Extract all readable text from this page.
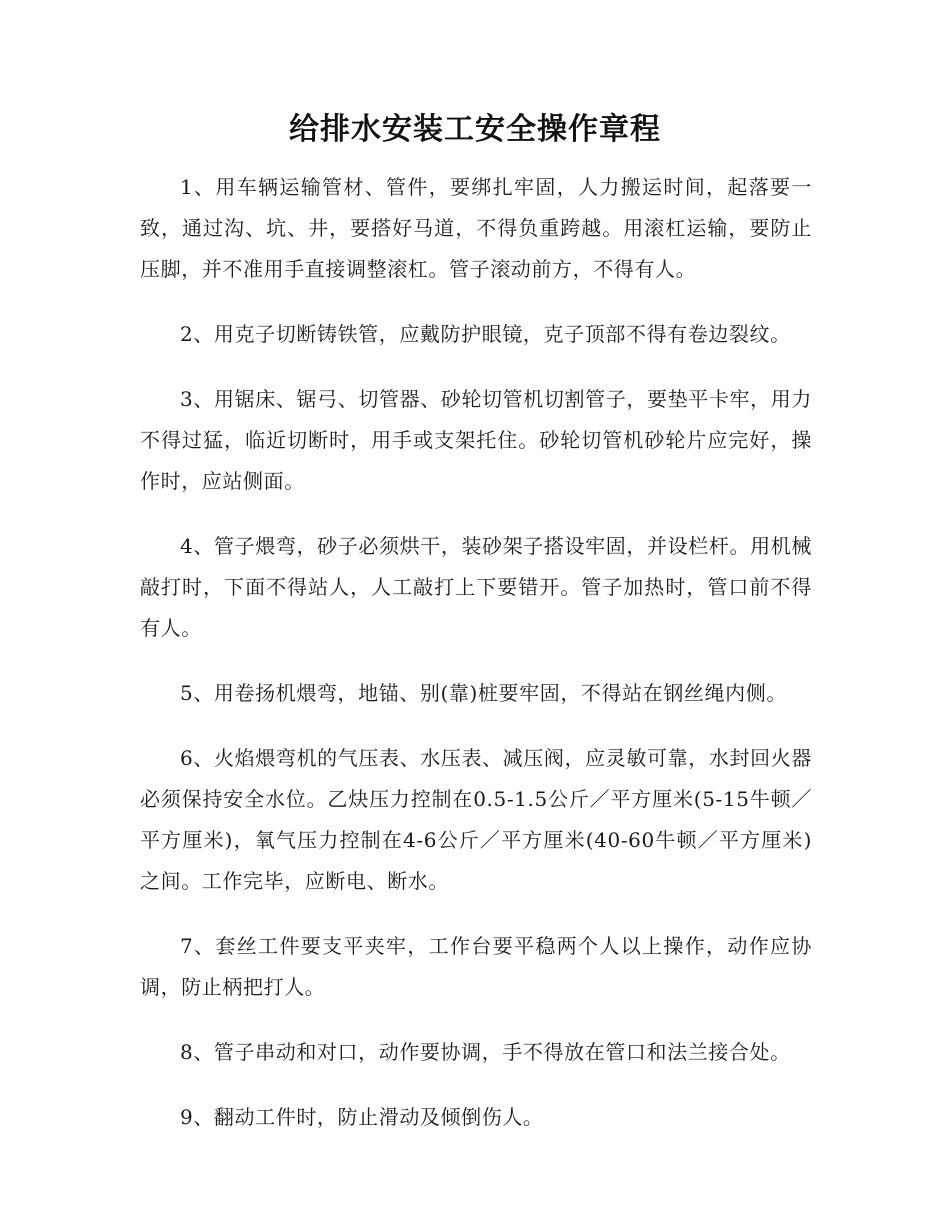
给排水安装工安全操作章程

1、用车辆运输管材、管件，要绑扎牢固，人力搬运时间，起落要一致，通过沟、坑、井，要搭好马道，不得负重跨越。用滚杠运输，要防止压脚，并不准用手直接调整滚杠。管子滚动前方，不得有人。

2、用克子切断铸铁管，应戴防护眼镜，克子顶部不得有卷边裂纹。

3、用锯床、锯弓、切管器、砂轮切管机切割管子，要垫平卡牢，用力不得过猛，临近切断时，用手或支架托住。砂轮切管机砂轮片应完好，操作时，应站侧面。

4、管子煨弯，砂子必须烘干，装砂架子搭设牢固，并设栏杆。用机械敲打时，下面不得站人，人工敲打上下要错开。管子加热时，管口前不得有人。

5、用卷扬机煨弯，地锚、别(靠)桩要牢固，不得站在钢丝绳内侧。

6、火焰煨弯机的气压表、水压表、减压阀，应灵敏可靠，水封回火器必须保持安全水位。乙炔压力控制在0.5-1.5公斤／平方厘米(5-15牛顿／平方厘米)，氧气压力控制在4-6公斤／平方厘米(40-60牛顿／平方厘米)之间。工作完毕，应断电、断水。

7、套丝工件要支平夹牢，工作台要平稳两个人以上操作，动作应协调，防止柄把打人。

8、管子串动和对口，动作要协调，手不得放在管口和法兰接合处。

9、翻动工件时，防止滑动及倾倒伤人。
